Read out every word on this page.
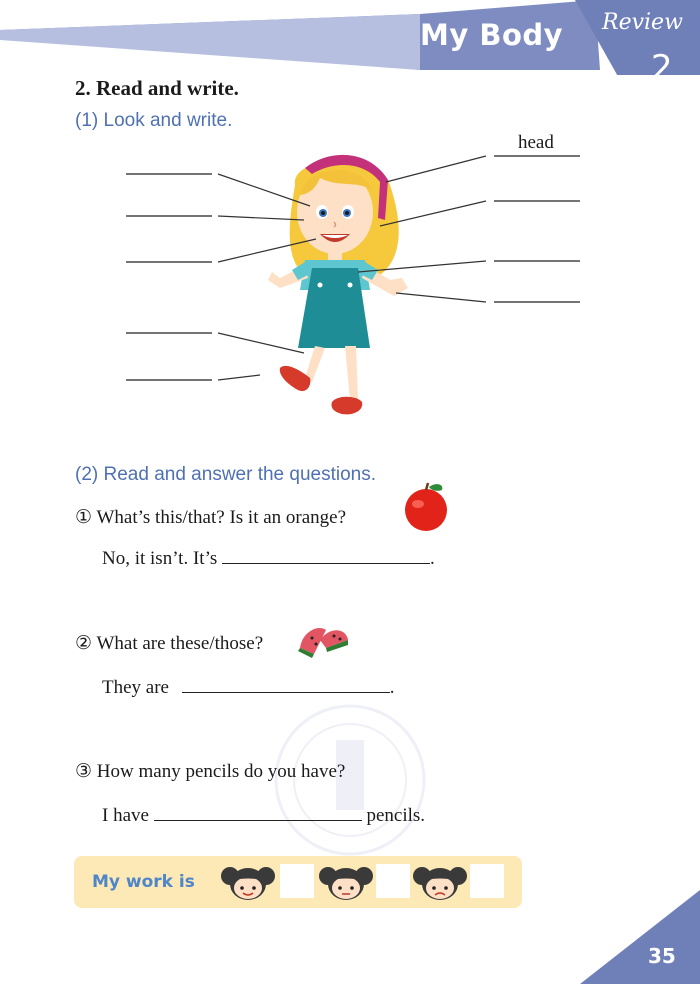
My Body Review
2
2. Read and write.
(1) Look and write.
head
(2) Read and answer the questions.
① What’s this/that? Is it an orange?
No, it isn’t. It’s	.
② What are these/those?
They are	.
③ How many pencils do you have?
I have	pencils.
My work is
35
